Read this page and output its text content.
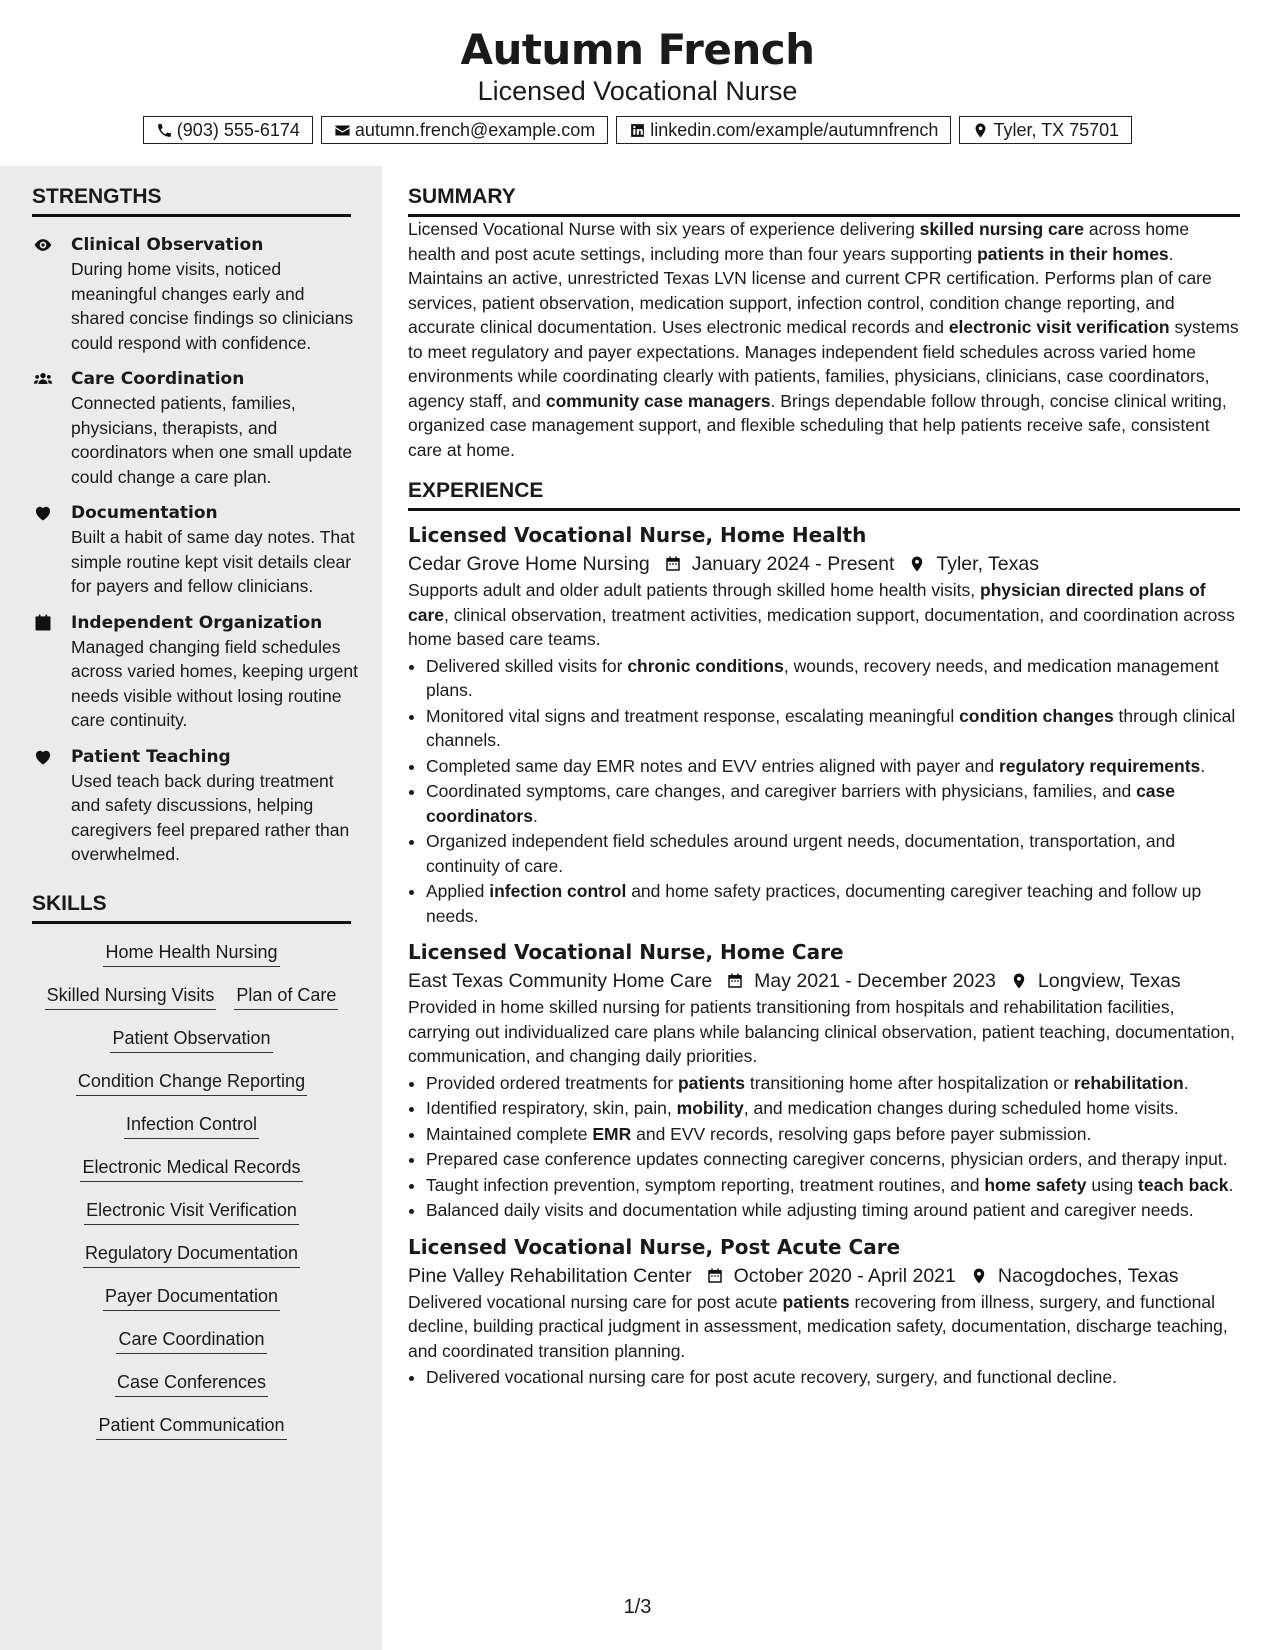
Autumn French
Licensed Vocational Nurse
(903) 555-6174	autumn.french@example.com	linkedin.com/example/autumnfrench	Tyler, TX 75701
STRENGTHS
Clinical Observation
During home visits, noticed meaningful changes early and shared concise findings so clinicians could respond with confidence.
Care Coordination
Connected patients, families, physicians, therapists, and coordinators when one small update could change a care plan.
Documentation
Built a habit of same day notes. That simple routine kept visit details clear for payers and fellow clinicians.
Independent Organization
Managed changing field schedules across varied homes, keeping urgent needs visible without losing routine care continuity.
Patient Teaching
Used teach back during treatment and safety discussions, helping caregivers feel prepared rather than overwhelmed.
SKILLS
Home Health Nursing
Skilled Nursing Visits Plan of Care
Patient Observation
Condition Change Reporting
Infection Control
Electronic Medical Records
Electronic Visit Verification
Regulatory Documentation
Payer Documentation
Care Coordination
Case Conferences
Patient Communication
SUMMARY

Licensed Vocational Nurse with six years of experience delivering skilled nursing care across home health and post acute settings, including more than four years supporting patients in their homes. Maintains an active, unrestricted Texas LVN license and current CPR certification. Performs plan of care services, patient observation, medication support, infection control, condition change reporting, and accurate clinical documentation. Uses electronic medical records and electronic visit verification systems to meet regulatory and payer expectations. Manages independent field schedules across varied home environments while coordinating clearly with patients, families, physicians, clinicians, case coordinators, agency staff, and community case managers. Brings dependable follow through, concise clinical writing, organized case management support, and flexible scheduling that help patients receive safe, consistent care at home.

EXPERIENCE
Licensed Vocational Nurse, Home Health
Cedar Grove Home Nursing January 2024 - Present Tyler, Texas

Supports adult and older adult patients through skilled home health visits, physician directed plans of care, clinical observation, treatment activities, medication support, documentation, and coordination across home based care teams.

• Delivered skilled visits for chronic conditions, wounds, recovery needs, and medication management plans.
• Monitored vital signs and treatment response, escalating meaningful condition changes through clinical channels.
• Completed same day EMR notes and EVV entries aligned with payer and regulatory requirements.
• Coordinated symptoms, care changes, and caregiver barriers with physicians, families, and case coordinators.
• Organized independent field schedules around urgent needs, documentation, transportation, and continuity of care.
• Applied infection control and home safety practices, documenting caregiver teaching and follow up needs.
Licensed Vocational Nurse, Home Care
East Texas Community Home Care May 2021 - December 2023 Longview, Texas

Provided in home skilled nursing for patients transitioning from hospitals and rehabilitation facilities, carrying out individualized care plans while balancing clinical observation, patient teaching, documentation, communication, and changing daily priorities.

• Provided ordered treatments for patients transitioning home after hospitalization or rehabilitation.
• Identified respiratory, skin, pain, mobility, and medication changes during scheduled home visits.
• Maintained complete EMR and EVV records, resolving gaps before payer submission.
• Prepared case conference updates connecting caregiver concerns, physician orders, and therapy input.
• Taught infection prevention, symptom reporting, treatment routines, and home safety using teach back.
• Balanced daily visits and documentation while adjusting timing around patient and caregiver needs.
Licensed Vocational Nurse, Post Acute Care
Pine Valley Rehabilitation Center October 2020 - April 2021 Nacogdoches, Texas

Delivered vocational nursing care for post acute patients recovering from illness, surgery, and functional decline, building practical judgment in assessment, medication safety, documentation, discharge teaching, and coordinated transition planning.

• Delivered vocational nursing care for post acute recovery, surgery, and functional decline.
1/3
